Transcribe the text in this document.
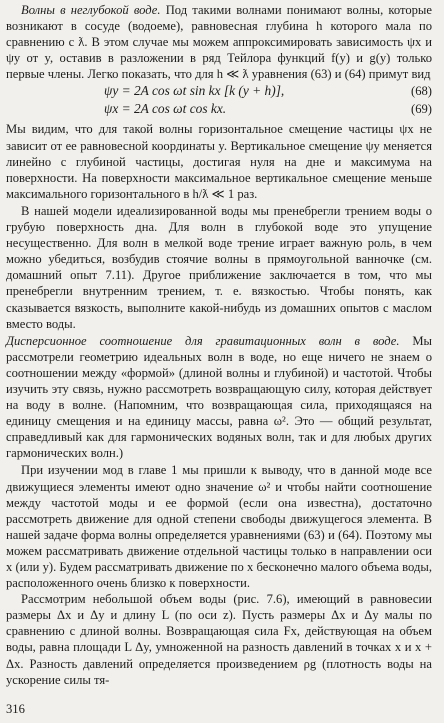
Волны в неглубокой воде. Под такими волнами понимают волны, которые возникают в сосуде (водоеме), равновесная глубина h которого мала по сравнению с ƛ. В этом случае мы можем аппроксимировать зависимость ψx и ψy от y, оставив в разложении в ряд Тейлора функций f(y) и g(y) только первые члены. Легко показать, что для h ≪ ƛ уравнения (63) и (64) примут вид

ψy = 2A cos ωt sin kx [k (y + h)],	(68)
ψx = 2A cos ωt cos kx.	(69)

Мы видим, что для такой волны горизонтальное смещение частицы ψx не зависит от ее равновесной координаты y. Вертикальное смещение ψy меняется линейно с глубиной частицы, достигая нуля на дне и максимума на поверхности. На поверхности максимальное вертикальное смещение меньше максимального горизонтального в h/ƛ ≪ 1 раз.

В нашей модели идеализированной воды мы пренебрегли трением воды о грубую поверхность дна. Для волн в глубокой воде это упущение несущественно. Для волн в мелкой воде трение играет важную роль, в чем можно убедиться, возбудив стоячие волны в прямоугольной ванночке (см. домашний опыт 7.11). Другое приближение заключается в том, что мы пренебрегли внутренним трением, т. е. вязкостью. Чтобы понять, как сказывается вязкость, выполните какой-нибудь из домашних опытов с маслом вместо воды.

Дисперсионное соотношение для гравитационных волн в воде. Мы рассмотрели геометрию идеальных волн в воде, но еще ничего не знаем о соотношении между «формой» (длиной волны и глубиной) и частотой. Чтобы изучить эту связь, нужно рассмотреть возвращающую силу, которая действует на воду в волне. (Напомним, что возвращающая сила, приходящаяся на единицу смещения и на единицу массы, равна ω². Это — общий результат, справедливый как для гармонических водяных волн, так и для любых других гармонических волн.)

При изучении мод в главе 1 мы пришли к выводу, что в данной моде все движущиеся элементы имеют одно значение ω² и чтобы найти соотношение между частотой моды и ее формой (если она известна), достаточно рассмотреть движение для одной степени свободы движущегося элемента. В нашей задаче форма волны определяется уравнениями (63) и (64). Поэтому мы можем рассматривать движение отдельной частицы только в направлении оси x (или y). Будем рассматривать движение по x бесконечно малого объема воды, расположенного очень близко к поверхности.

Рассмотрим небольшой объем воды (рис. 7.6), имеющий в равновесии размеры Δx и Δy и длину L (по оси z). Пусть размеры Δx и Δy малы по сравнению с длиной волны. Возвращающая сила Fx, действующая на объем воды, равна площади L Δy, умноженной на разность давлений в точках x и x + Δx. Разность давлений определяется произведением ρg (плотность воды на ускорение силы тя-

316
